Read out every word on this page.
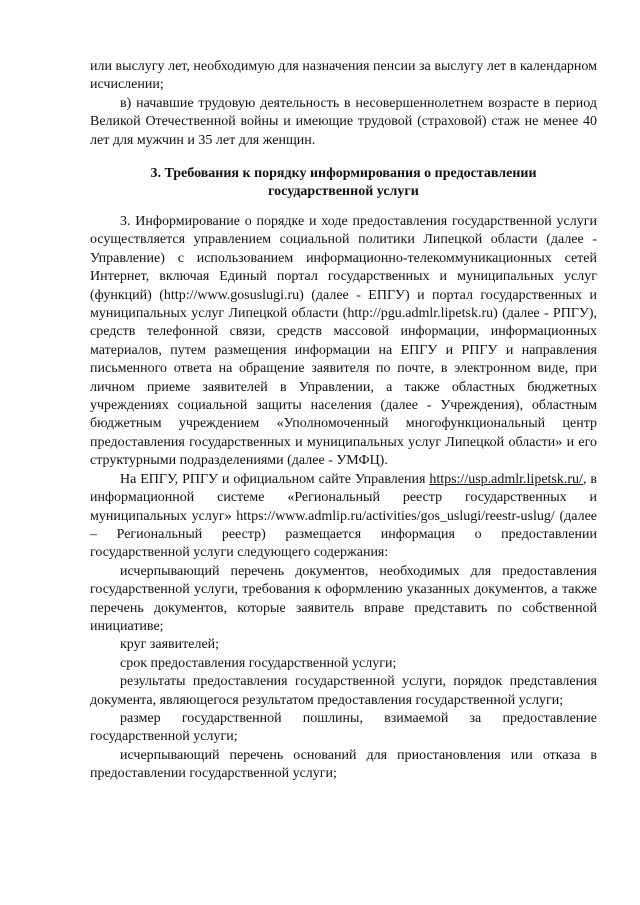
или выслугу лет, необходимую для назначения пенсии за выслугу лет в календарном исчислении;

в) начавшие трудовую деятельность в несовершеннолетнем возрасте в период Великой Отечественной войны и имеющие трудовой (страховой) стаж не менее 40 лет для мужчин и 35 лет для женщин.

3. Требования к порядку информирования о предоставлении
государственной услуги

3. Информирование о порядке и ходе предоставления государственной услуги осуществляется управлением социальной политики Липецкой области (далее - Управление) с использованием информационно-телекоммуникационных сетей Интернет, включая Единый портал государственных и муниципальных услуг (функций) (http://www.gosuslugi.ru) (далее - ЕПГУ) и портал государственных и муниципальных услуг Липецкой области (http://pgu.admlr.lipetsk.ru) (далее - РПГУ), средств телефонной связи, средств массовой информации, информационных материалов, путем размещения информации на ЕПГУ и РПГУ и направления письменного ответа на обращение заявителя по почте, в электронном виде, при личном приеме заявителей в Управлении, а также областных бюджетных учреждениях социальной защиты населения (далее - Учреждения), областным бюджетным учреждением «Уполномоченный многофункциональный центр предоставления государственных и муниципальных услуг Липецкой области» и его структурными подразделениями (далее - УМФЦ).

На ЕПГУ, РПГУ и официальном сайте Управления https://usp.admlr.lipetsk.ru/, в информационной системе «Региональный реестр государственных и муниципальных услуг» https://www.admlip.ru/activities/gos_uslugi/reestr-uslug/ (далее – Региональный реестр) размещается информация о предоставлении государственной услуги следующего содержания:

исчерпывающий перечень документов, необходимых для предоставления государственной услуги, требования к оформлению указанных документов, а также перечень документов, которые заявитель вправе представить по собственной инициативе;

круг заявителей;

срок предоставления государственной услуги;

результаты предоставления государственной услуги, порядок представления документа, являющегося результатом предоставления государственной услуги;

размер государственной пошлины, взимаемой за предоставление государственной услуги;

исчерпывающий перечень оснований для приостановления или отказа в предоставлении государственной услуги;
